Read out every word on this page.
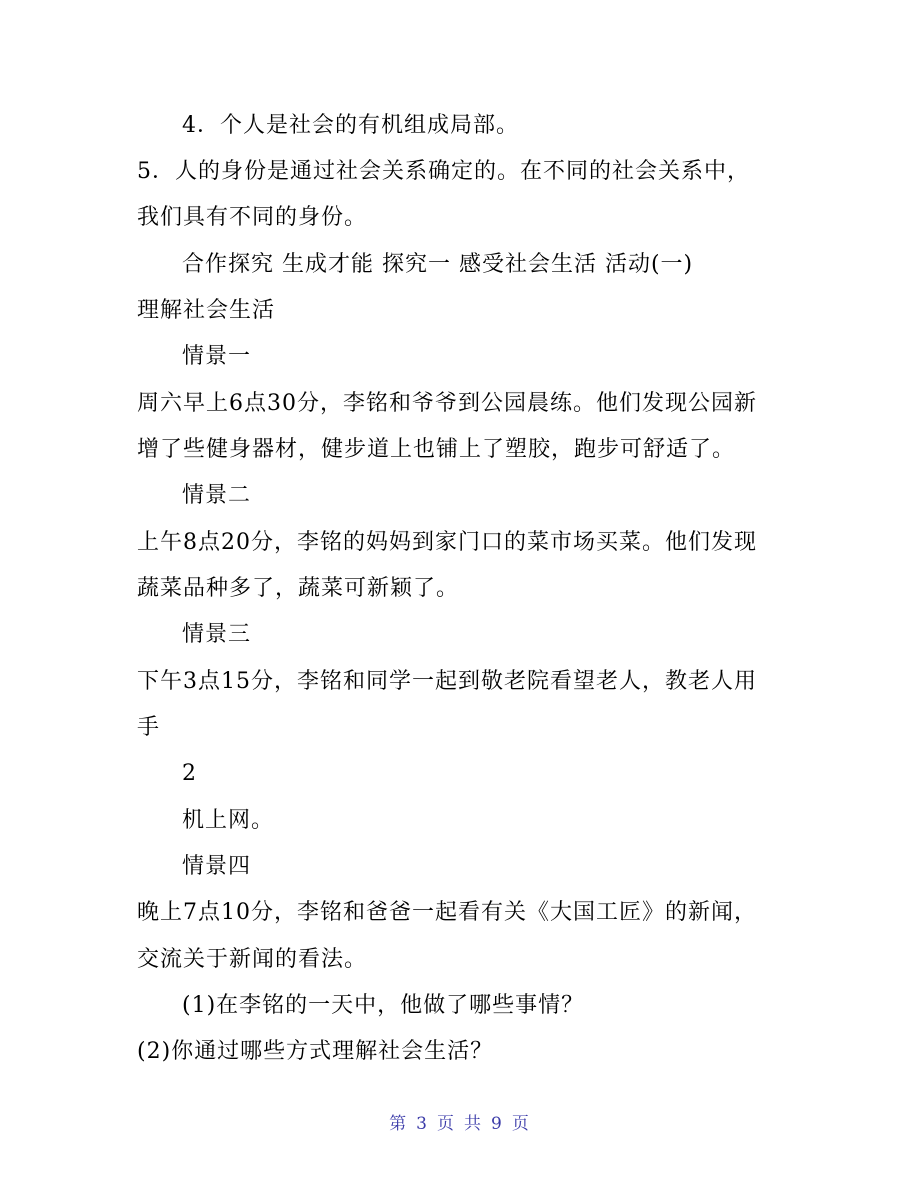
4．个人是社会的有机组成局部。
5．人的身份是通过社会关系确定的。在不同的社会关系中，
我们具有不同的身份。
合作探究 生成才能 探究一 感受社会生活 活动(一)
理解社会生活
情景一
周六早上6点30分，李铭和爷爷到公园晨练。他们发现公园新
增了些健身器材，健步道上也铺上了塑胶，跑步可舒适了。
情景二
上午8点20分，李铭的妈妈到家门口的菜市场买菜。他们发现
蔬菜品种多了，蔬菜可新颖了。
情景三
下午3点15分，李铭和同学一起到敬老院看望老人，教老人用
手
2
机上网。
情景四
晚上7点10分，李铭和爸爸一起看有关《大国工匠》的新闻，
交流关于新闻的看法。
(1)在李铭的一天中，他做了哪些事情？
(2)你通过哪些方式理解社会生活？
第 3 页 共 9 页
